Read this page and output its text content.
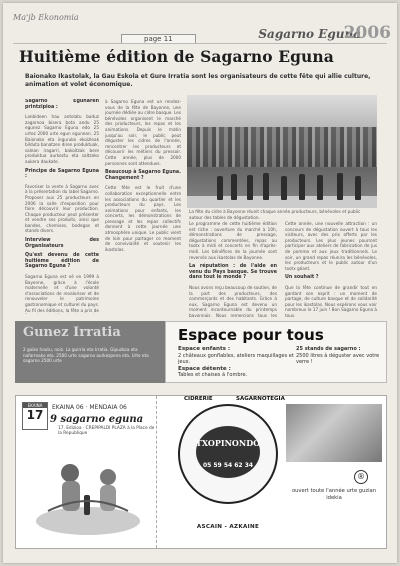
Ma'jb Ekonomia
page 11	Sagarno Eguna
2006
Huitième édition de Sagarno Eguna
Baionako Ikastolak, la Gau Eskola et Gure Irratia sont les organisateurs de cette fête qui allie culture, animation et volet économique.

Sagarno Egunaren printzipioa :

Lanbideen hau antolatu baduz zagarnoa bisera bota andu 25 egunez Sagarno Eguna edo 25 urtez 2000 urte egun egunean. 25 Baionako eta inguruko ekoizleak bilduta banatzen diren produktuak, salean iragarri, bakoitzak bere produktua aurkeztu eta saltzeko aukera daukate.

Principe de Sagarno Eguna :

Favoriser la vente à Sagarno avec à la présentation du label Sagarno. Proposer aux 25 producteurs en 2006 la salle d'exposition pour faire découvrir leur production. Chaque producteur peut présenter et vendre ses produits, ainsi que bandes, chemises, bodegas et stands divers.

Interview des Organisateurs

Qu'est devenu de cette huitième édition de Sagarno Eguna ?

Sagarno Eguna est né en 1999 à Bayonne, grâce à l'école maternelle et d'une volonté d'associations de revaloriser et de renouveler le patrimoine gastronomique et culturel du pays. Au fil des éditions, la fête a pris de

à Sagarno Eguna est un rendez-vous de la fête de Bayonne, une journée dédiée au cidre basque. Les bénévoles organisent le marché des producteurs, les repas et les animations. Depuis le matin jusqu'au soir, le public peut déguster les cidres de l'année, rencontrer les producteurs et découvrir les métiers du pressoir. Cette année, plus de 2000 personnes sont attendues.

Beaucoup à Sagarno Eguna. Changement ?

Cette fête est le fruit d'une collaboration exceptionnelle entre les associations du quartier et les producteurs du pays. Les animations pour enfants, les concerts, les démonstrations de pressage et les repas collectifs donnent à cette journée une atmosphère unique. Le public vient de loin pour partager ce moment de convivialité et soutenir les ikastolas.

La fête du cidre à Bayonne réunit chaque année producteurs, bénévoles et public autour des tables de dégustation.

Le programme de cette huitième édition est riche : ouverture du marché à 10h, démonstrations de pressage, dégustations commentées, repas au txotx à midi et concerts en fin d'après-midi. Les bénéfices de la journée sont reversés aux ikastolas de Bayonne.

La réputation : de l'aide en venu du Pays basque. Se trouve dans tout le monde ?

Nous avons reçu beaucoup de soutien, de la part des producteurs, des commerçants et des habitants. Grâce à eux, Sagarno Eguna est devenu un moment incontournable du printemps bayonnais. Nous remercions tous les

Cette année, une nouvelle attraction : un concours de dégustation ouvert à tous les visiteurs, avec des prix offerts par les producteurs. Les plus jeunes pourront participer aux ateliers de fabrication de jus de pomme et aux jeux traditionnels. Le soir, un grand repas réunira les bénévoles, les producteurs et le public autour d'un txotx géant.

Un souhait ?

Que la fête continue de grandir tout en gardant son esprit : un moment de partage, de culture basque et de solidarité pour les ikastolas. Nous espérons vous voir nombreux le 17 juin ! Bon Sagarno Eguna à tous.

Gunez Irratia
2 goiko hautu, noiz. La guirria eta Irratia. Gipuzkoa eta nafarroako eta. 2500 urte sagarno aurkezpena eta. Urte eta sagarno 2500 urte
Espace pour tous
Espace enfants :
2 châteaux gonflables, ateliers maquillages et jeux.
Espace détente :
Tables et chaises à l'ombre.
25 stands de sagarno :
2500 litres à déguster avec votre verre !
EKAINA
17
EKAINA 06 · MENDAIA 06
9 sagarno eguna
17. Edizioa · CREPIPALDI PLAZA à la Place de la Republique
CIDRERIE	SAGARNOTEGIA
TXOPINONDO
05 59 54 62 34
ASCAIN - AZKAINE
®
ouvert toute l'année urte guzian idekia
